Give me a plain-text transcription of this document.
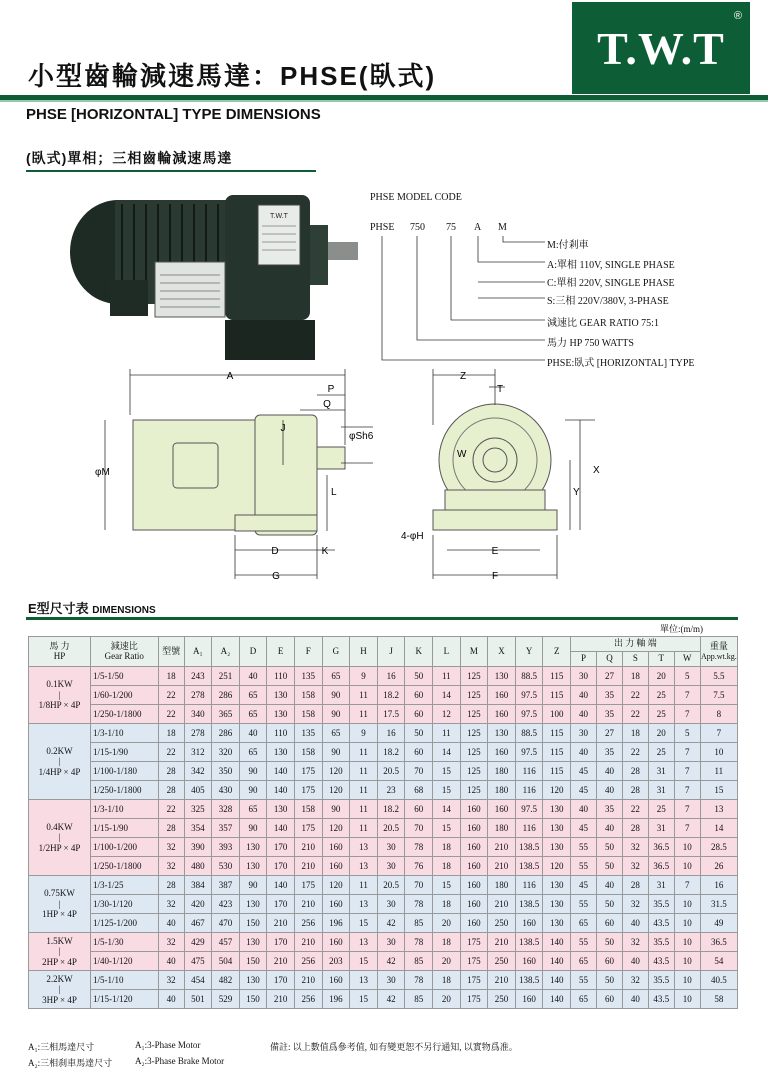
T.W.T
®
小型齒輪減速馬達：PHSE(臥式)
PHSE [HORIZONTAL] TYPE DIMENSIONS
(臥式)單相；三相齒輪減速馬達
T.W.T
PHSE MODEL CODE
PHSE 750 75 A M
M:付剎車
A:單相 110V, SINGLE PHASE
C:單相 220V, SINGLE PHASE
S:三相 220V/380V, 3-PHASE
減速比 GEAR RATIO 75:1
馬力 HP 750 WATTS
PHSE:臥式 [HORIZONTAL] TYPE
A
P
Q
J
φSh6
φM
L
D	K
G
Z
T
W
X
Y
4-φH
E
F
E型尺寸表 DIMENSIONS
單位:(m/m)
馬 力
HP	減速比
Gear Ratio	型號	A₁	A₂	D	E	F	G	H	J	K	L	M	X	Y	Z	出 力 軸 端					重量
App.wt.kg.
																	P	Q	S	T	W	

0.1KW
|
1/8HP × 4P	1/5-1/50	18	243	251	40	110	135	65	9	16	50	11	125	130	88.5	115	30	27	18	20	5	5.5
	1/60-1/200	22	278	286	65	130	158	90	11	18.2	60	14	125	160	97.5	115	40	35	22	25	7	7.5
	1/250-1/1800	22	340	365	65	130	158	90	11	17.5	60	12	125	160	97.5	100	40	35	22	25	7	8

0.2KW
|
1/4HP × 4P	1/3-1/10	18	278	286	40	110	135	65	9	16	50	11	125	130	88.5	115	30	27	18	20	5	7
	1/15-1/90	22	312	320	65	130	158	90	11	18.2	60	14	125	160	97.5	115	40	35	22	25	7	10
	1/100-1/180	28	342	350	90	140	175	120	11	20.5	70	15	125	180	116	115	45	40	28	31	7	11
	1/250-1/1800	28	405	430	90	140	175	120	11	23	68	15	125	180	116	120	45	40	28	31	7	15

0.4KW
|
1/2HP × 4P	1/3-1/10	22	325	328	65	130	158	90	11	18.2	60	14	160	160	97.5	130	40	35	22	25	7	13
	1/15-1/90	28	354	357	90	140	175	120	11	20.5	70	15	160	180	116	130	45	40	28	31	7	14
	1/100-1/200	32	390	393	130	170	210	160	13	30	78	18	160	210	138.5	130	55	50	32	36.5	10	28.5
	1/250-1/1800	32	480	530	130	170	210	160	13	30	76	18	160	210	138.5	120	55	50	32	36.5	10	26

0.75KW
|
1HP × 4P	1/3-1/25	28	384	387	90	140	175	120	11	20.5	70	15	160	180	116	130	45	40	28	31	7	16
	1/30-1/120	32	420	423	130	170	210	160	13	30	78	18	160	210	138.5	130	55	50	32	35.5	10	31.5
	1/125-1/200	40	467	470	150	210	256	196	15	42	85	20	160	250	160	130	65	60	40	43.5	10	49

1.5KW
|
2HP × 4P	1/5-1/30	32	429	457	130	170	210	160	13	30	78	18	175	210	138.5	140	55	50	32	35.5	10	36.5
	1/40-1/120	40	475	504	150	210	256	203	15	42	85	20	175	250	160	140	65	60	40	43.5	10	54

2.2KW
|
3HP × 4P	1/5-1/10	32	454	482	130	170	210	160	13	30	78	18	175	210	138.5	140	55	50	32	35.5	10	40.5
	1/15-1/120	40	501	529	150	210	256	196	15	42	85	20	175	250	160	140	65	60	40	43.5	10	58
A₁:三相馬達尺寸	A₁:3-Phase Motor
A₂:三相刹車馬達尺寸	A₂:3-Phase Brake Motor
備註: 以上數值爲參考值, 如有變更恕不另行通知, 以實物爲准。
